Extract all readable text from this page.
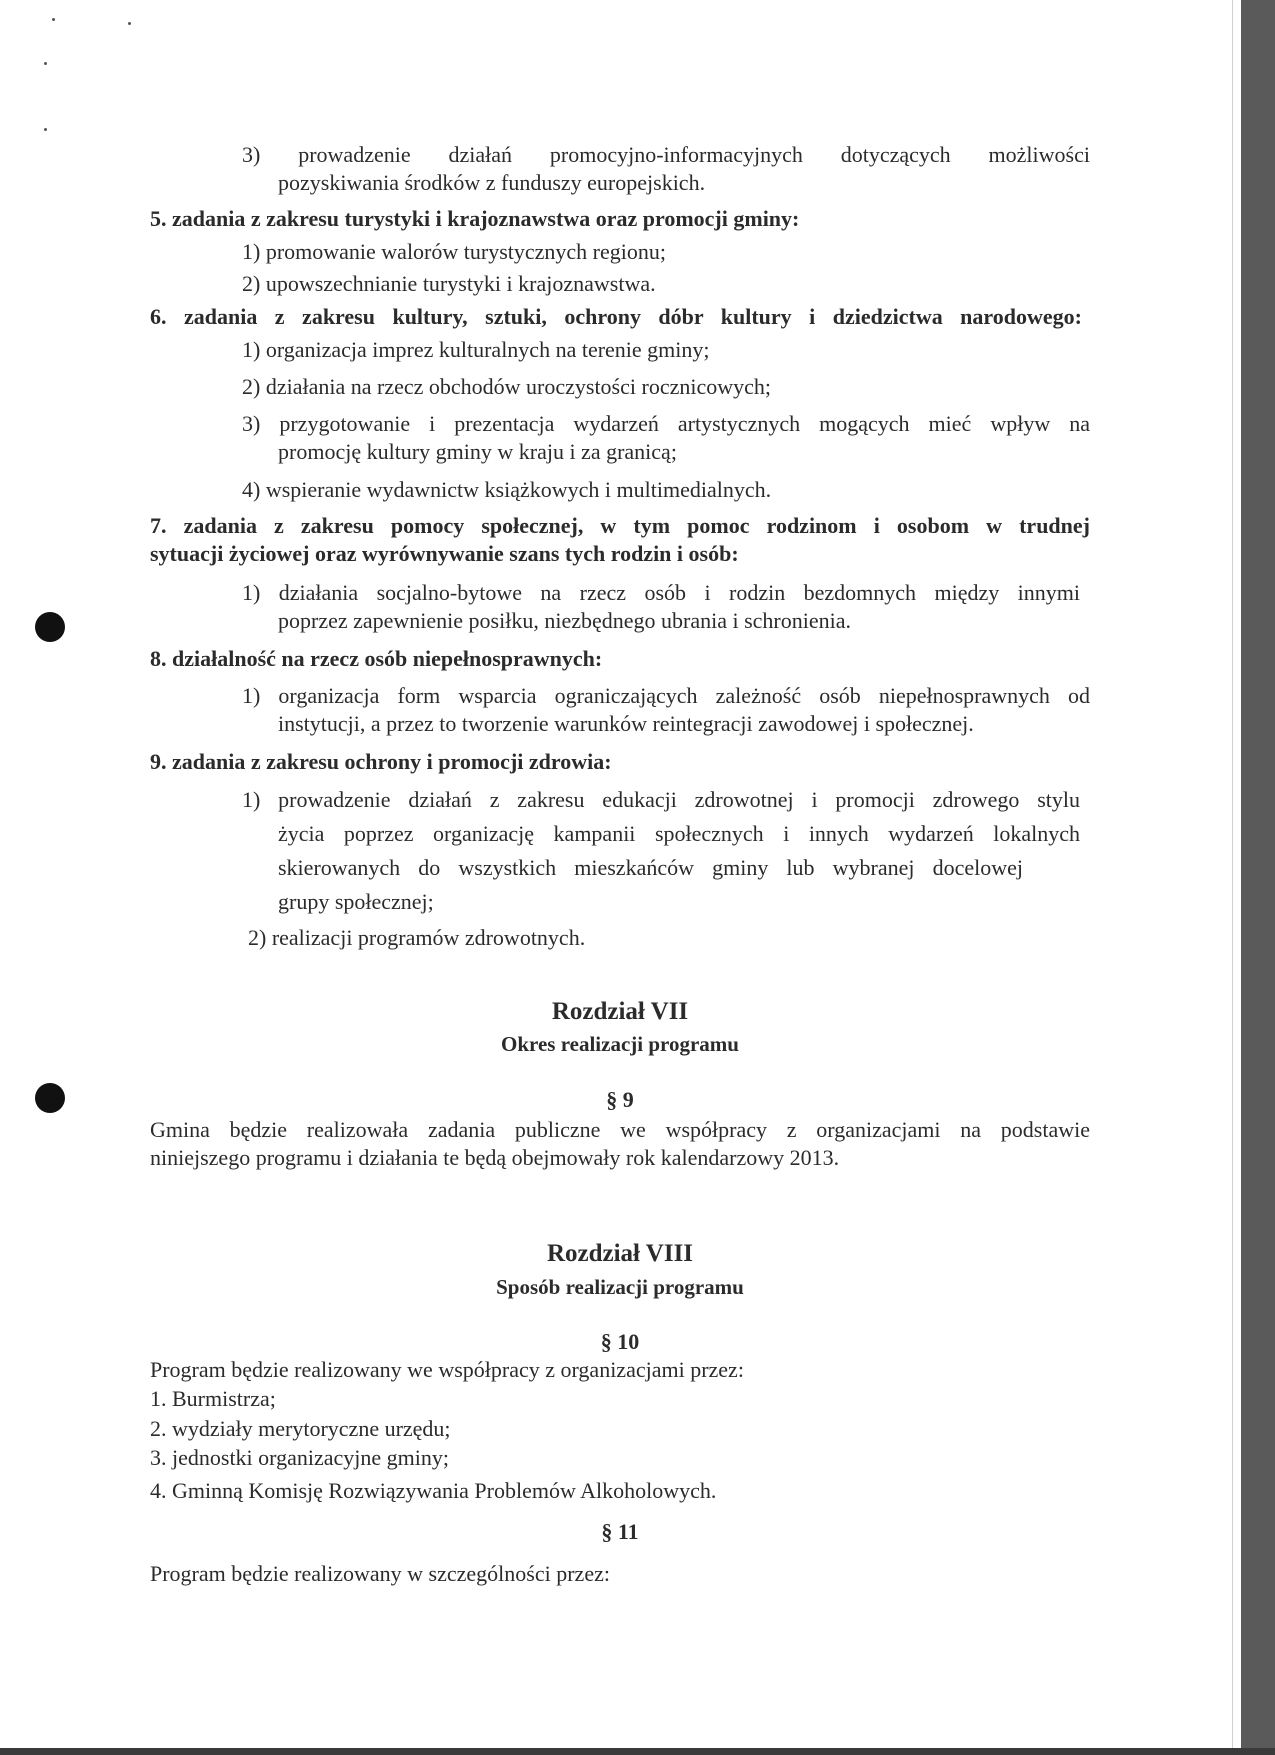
3) prowadzenie działań promocyjno-informacyjnych dotyczących możliwości
pozyskiwania środków z funduszy europejskich.
5. zadania z zakresu turystyki i krajoznawstwa oraz promocji gminy:
1) promowanie walorów turystycznych regionu;
2) upowszechnianie turystyki i krajoznawstwa.
6. zadania z zakresu kultury, sztuki, ochrony dóbr kultury i dziedzictwa narodowego:
1) organizacja imprez kulturalnych na terenie gminy;
2) działania na rzecz obchodów uroczystości rocznicowych;
3) przygotowanie i prezentacja wydarzeń artystycznych mogących mieć wpływ na
promocję kultury gminy w kraju i za granicą;
4) wspieranie wydawnictw książkowych i multimedialnych.
7. zadania z zakresu pomocy społecznej, w tym pomoc rodzinom i osobom w trudnej
sytuacji życiowej oraz wyrównywanie szans tych rodzin i osób:
1) działania socjalno-bytowe na rzecz osób i rodzin bezdomnych między innymi
poprzez zapewnienie posiłku, niezbędnego ubrania i schronienia.
8. działalność na rzecz osób niepełnosprawnych:
1) organizacja form wsparcia ograniczających zależność osób niepełnosprawnych od
instytucji, a przez to tworzenie warunków reintegracji zawodowej i społecznej.
9. zadania z zakresu ochrony i promocji zdrowia:
1) prowadzenie działań z zakresu edukacji zdrowotnej i promocji zdrowego stylu
życia poprzez organizację kampanii społecznych i innych wydarzeń lokalnych
skierowanych do wszystkich mieszkańców gminy lub wybranej docelowej
grupy społecznej;
2) realizacji programów zdrowotnych.
Rozdział VII
Okres realizacji programu
§ 9
Gmina będzie realizowała zadania publiczne we współpracy z organizacjami na podstawie
niniejszego programu i działania te będą obejmowały rok kalendarzowy 2013.
Rozdział VIII
Sposób realizacji programu
§ 10
Program będzie realizowany we współpracy z organizacjami przez:
1. Burmistrza;
2. wydziały merytoryczne urzędu;
3. jednostki organizacyjne gminy;
4. Gminną Komisję Rozwiązywania Problemów Alkoholowych.
§ 11
Program będzie realizowany w szczególności przez:
